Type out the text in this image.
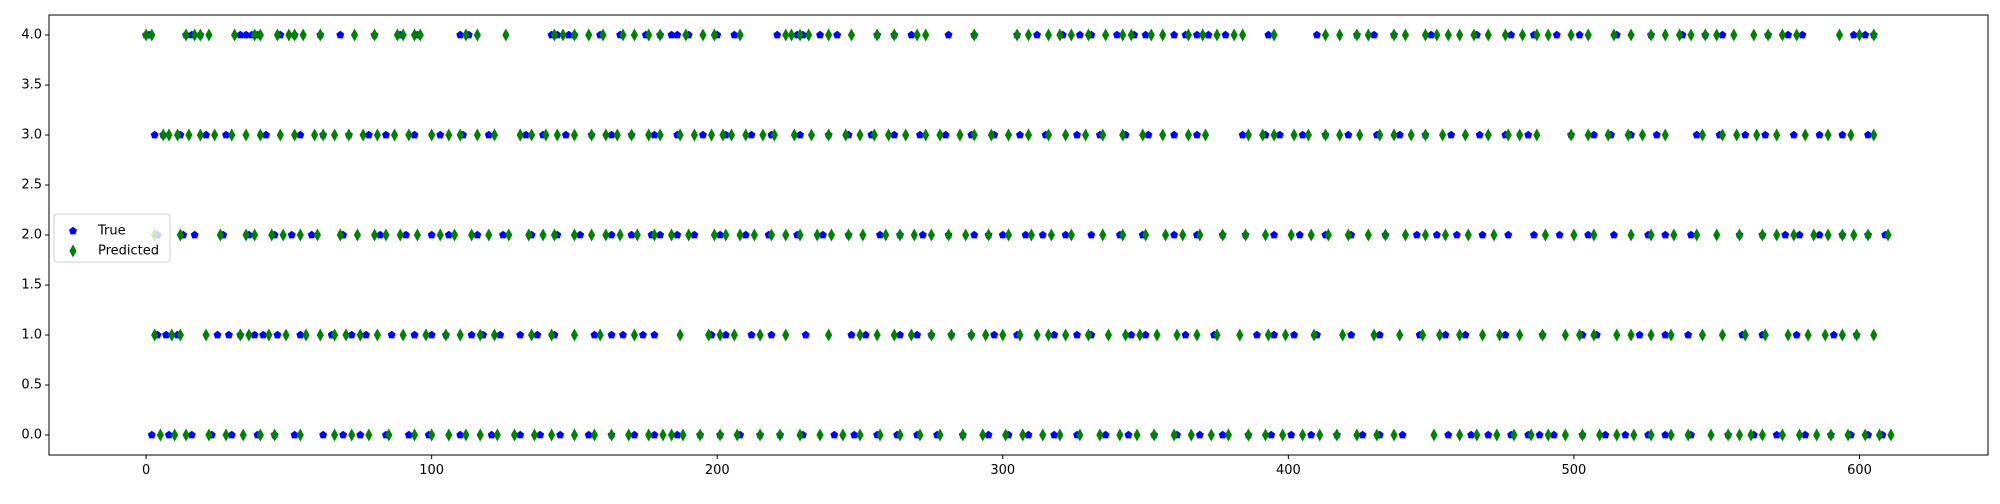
0	100	200	300	400	500	600
0.0
0.5
1.0
1.5
2.0
2.5
3.0
3.5
4.0
True
Predicted
